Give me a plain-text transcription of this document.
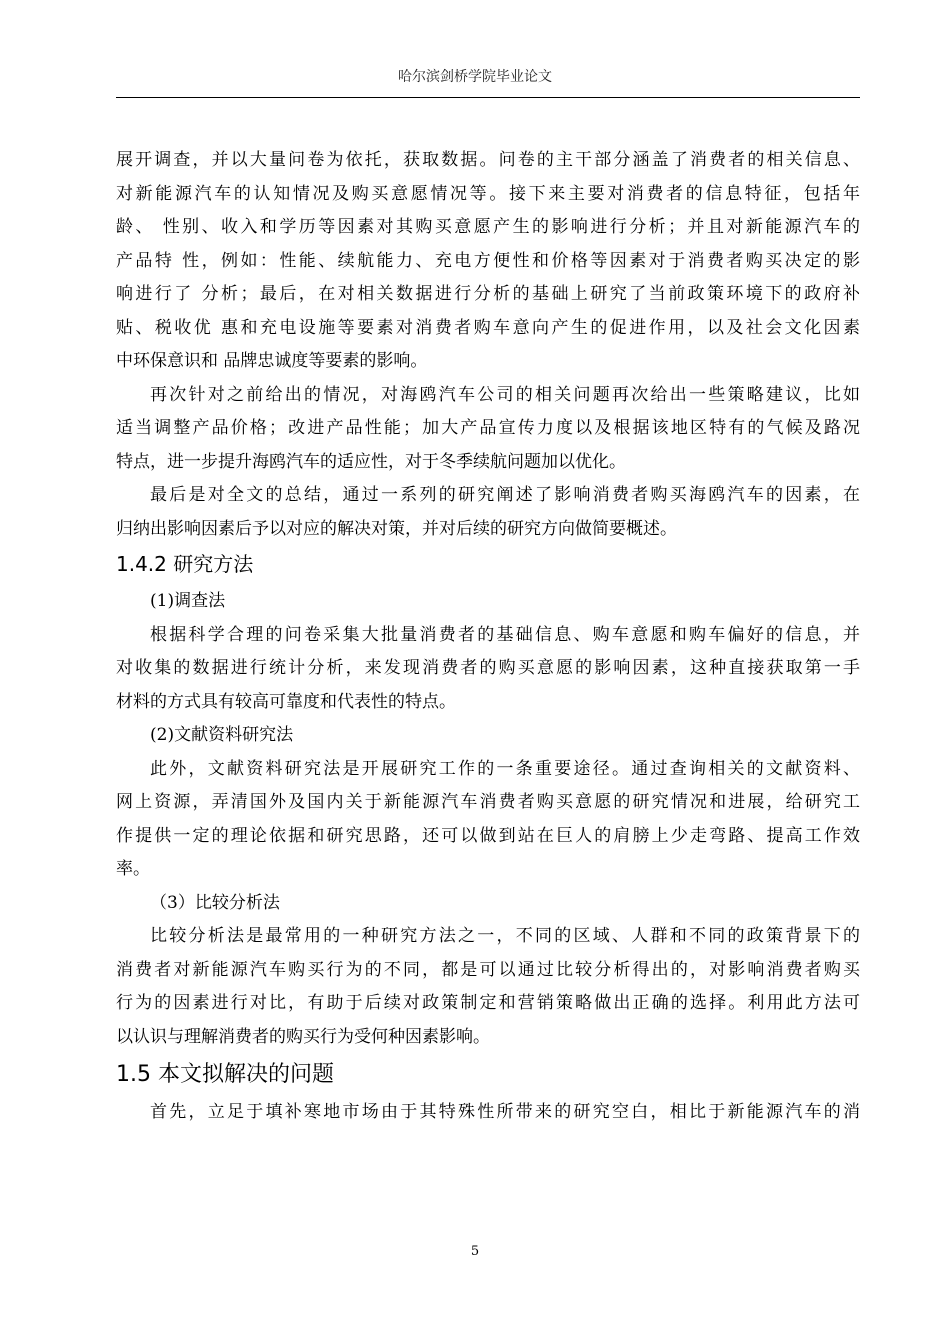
哈尔滨剑桥学院毕业论文
展开调查，并以大量问卷为依托，获取数据。问卷的主干部分涵盖了消费者的相关信息、
对新能源汽车的认知情况及购买意愿情况等。接下来主要对消费者的信息特征，包括年
龄、 性别、收入和学历等因素对其购买意愿产生的影响进行分析；并且对新能源汽车的
产品特 性，例如：性能、续航能力、充电方便性和价格等因素对于消费者购买决定的影
响进行了 分析；最后，在对相关数据进行分析的基础上研究了当前政策环境下的政府补
贴、税收优 惠和充电设施等要素对消费者购车意向产生的促进作用，以及社会文化因素
中环保意识和 品牌忠诚度等要素的影响。
再次针对之前给出的情况，对海鸥汽车公司的相关问题再次给出一些策略建议，比如
适当调整产品价格；改进产品性能；加大产品宣传力度以及根据该地区特有的气候及路况
特点，进一步提升海鸥汽车的适应性，对于冬季续航问题加以优化。
最后是对全文的总结，通过一系列的研究阐述了影响消费者购买海鸥汽车的因素，在
归纳出影响因素后予以对应的解决对策，并对后续的研究方向做简要概述。
1.4.2 研究方法
(1)调查法
根据科学合理的问卷采集大批量消费者的基础信息、购车意愿和购车偏好的信息，并
对收集的数据进行统计分析，来发现消费者的购买意愿的影响因素，这种直接获取第一手
材料的方式具有较高可靠度和代表性的特点。
(2)文献资料研究法
此外，文献资料研究法是开展研究工作的一条重要途径。通过查询相关的文献资料、
网上资源，弄清国外及国内关于新能源汽车消费者购买意愿的研究情况和进展，给研究工
作提供一定的理论依据和研究思路，还可以做到站在巨人的肩膀上少走弯路、提高工作效
率。
（3）比较分析法
比较分析法是最常用的一种研究方法之一，不同的区域、人群和不同的政策背景下的
消费者对新能源汽车购买行为的不同，都是可以通过比较分析得出的，对影响消费者购买
行为的因素进行对比，有助于后续对政策制定和营销策略做出正确的选择。利用此方法可
以认识与理解消费者的购买行为受何种因素影响。
1.5 本文拟解决的问题
首先，立足于填补寒地市场由于其特殊性所带来的研究空白，相比于新能源汽车的消
5
